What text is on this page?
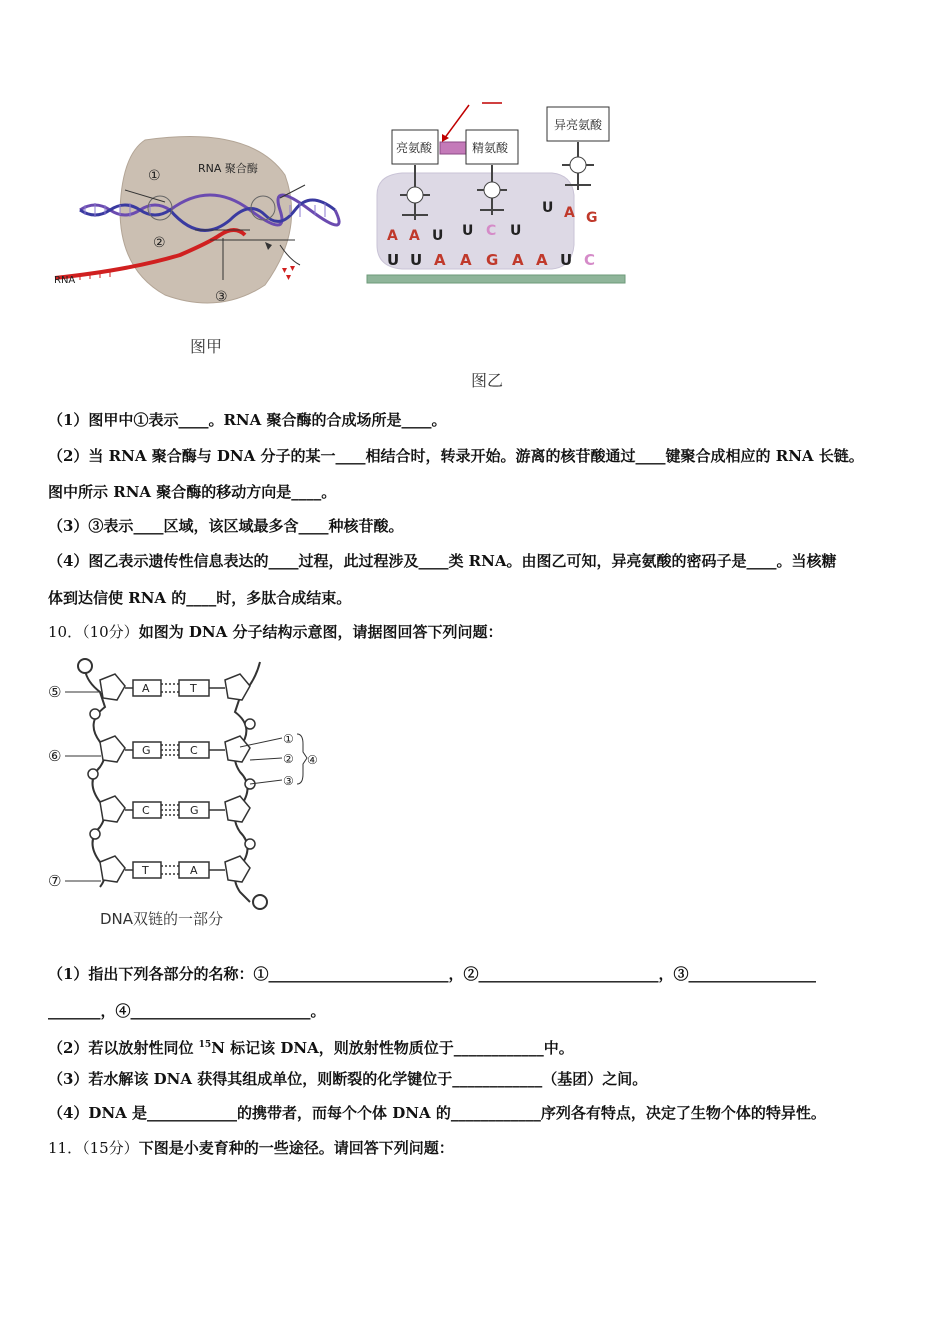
①	RNA 聚合酶
②
③
RNA
图甲
亮氨酸	精氨酸
异亮氨酸
A A U U C U
U A G
U U A A G A A U C
图乙
（1）图甲中①表示____。RNA 聚合酶的合成场所是____。
（2）当 RNA 聚合酶与 DNA 分子的某一____相结合时，转录开始。游离的核苷酸通过____键聚合成相应的 RNA 长链。
图中所示 RNA 聚合酶的移动方向是____。
（3）③表示____区域，该区域最多含____种核苷酸。
（4）图乙表示遗传性信息表达的____过程，此过程涉及____类 RNA。由图乙可知，异亮氨酸的密码子是____。当核糖
体到达信使 RNA 的____时，多肽合成结束。
10．（10分）如图为 DNA 分子结构示意图，请据图回答下列问题：
A	T
G	C
C	G
T	A
⑤
⑥
⑦
①
②
③
④
DNA双链的一部分
（1）指出下列各部分的名称：①________________________，②________________________，③_________________
_______，④________________________。
（2）若以放射性同位 $^{15}$N 标记该 DNA，则放射性物质位于____________中。
（3）若水解该 DNA 获得其组成单位，则断裂的化学键位于____________（基团）之间。
（4）DNA 是____________的携带者，而每个个体 DNA 的____________序列各有特点，决定了生物个体的特异性。
11．（15分）下图是小麦育种的一些途径。请回答下列问题：
